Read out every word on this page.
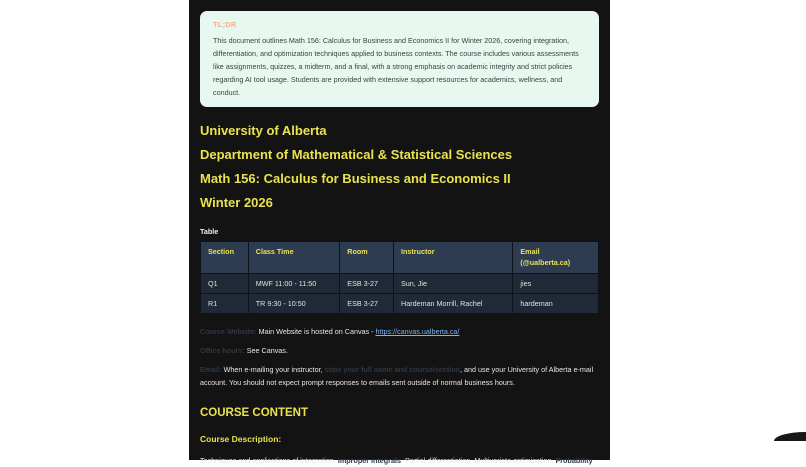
TL;DR
This document outlines Math 156: Calculus for Business and Economics II for Winter 2026, covering integration, differentiation, and optimization techniques applied to business contexts. The course includes various assessments like assignments, quizzes, a midterm, and a final, with a strong emphasis on academic integrity and strict policies regarding AI tool usage. Students are provided with extensive support resources for academics, wellness, and conduct.
University of Alberta
Department of Mathematical & Statistical Sciences
Math 156: Calculus for Business and Economics II
Winter 2026
Table
Section	Class Time	Room	Instructor	Email (@ualberta.ca)
Q1	MWF 11:00 - 11:50	ESB 3-27	Sun, Jie	jies
R1	TR 9:30 - 10:50	ESB 3-27	Hardeman Morrill, Rachel	hardeman
Course Website: Main Website is hosted on Canvas - https://canvas.ualberta.ca/
Office hours: See Canvas.
Email: When e-mailing your instructor, state your full name and course/section, and use your University of Alberta e-mail account. You should not expect prompt responses to emails sent outside of normal business hours.
COURSE CONTENT
Course Description:
Techniques and applications of integration. Improper integrals. Partial differentiation. Multivariate optimization. Probability
